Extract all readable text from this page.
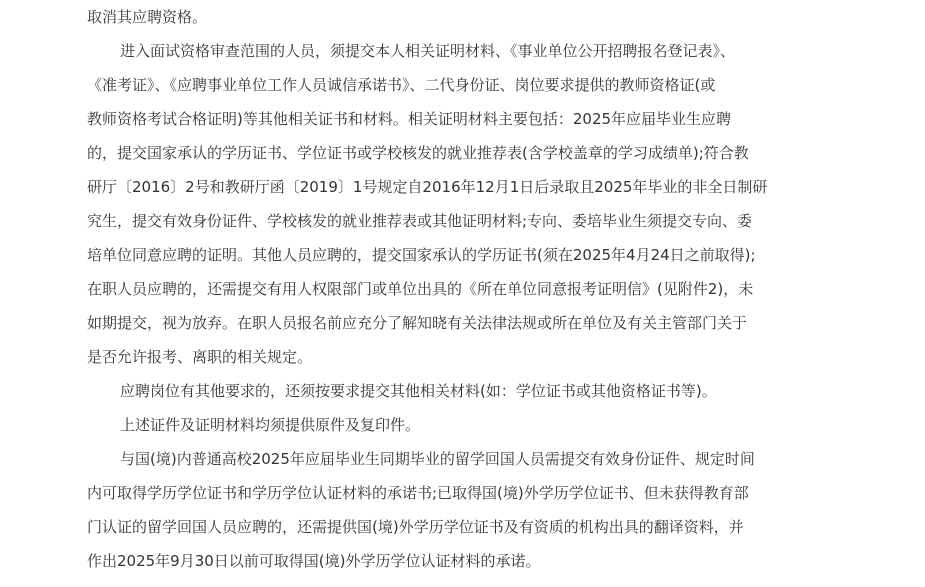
取消其应聘资格。
进入面试资格审查范围的人员，须提交本人相关证明材料、《事业单位公开招聘报名登记表》、
《准考证》、《应聘事业单位工作人员诚信承诺书》、二代身份证、岗位要求提供的教师资格证(或
教师资格考试合格证明)等其他相关证书和材料。相关证明材料主要包括：2025年应届毕业生应聘
的，提交国家承认的学历证书、学位证书或学校核发的就业推荐表(含学校盖章的学习成绩单);符合教
研厅〔2016〕2号和教研厅函〔2019〕1号规定自2016年12月1日后录取且2025年毕业的非全日制研
究生，提交有效身份证件、学校核发的就业推荐表或其他证明材料;专向、委培毕业生须提交专向、委
培单位同意应聘的证明。其他人员应聘的，提交国家承认的学历证书(须在2025年4月24日之前取得);
在职人员应聘的，还需提交有用人权限部门或单位出具的《所在单位同意报考证明信》(见附件2)，未
如期提交，视为放弃。在职人员报名前应充分了解知晓有关法律法规或所在单位及有关主管部门关于
是否允许报考、离职的相关规定。
应聘岗位有其他要求的，还须按要求提交其他相关材料(如：学位证书或其他资格证书等)。
上述证件及证明材料均须提供原件及复印件。
与国(境)内普通高校2025年应届毕业生同期毕业的留学回国人员需提交有效身份证件、规定时间
内可取得学历学位证书和学历学位认证材料的承诺书;已取得国(境)外学历学位证书、但未获得教育部
门认证的留学回国人员应聘的，还需提供国(境)外学历学位证书及有资质的机构出具的翻译资料，并
作出2025年9月30日以前可取得国(境)外学历学位认证材料的承诺。
